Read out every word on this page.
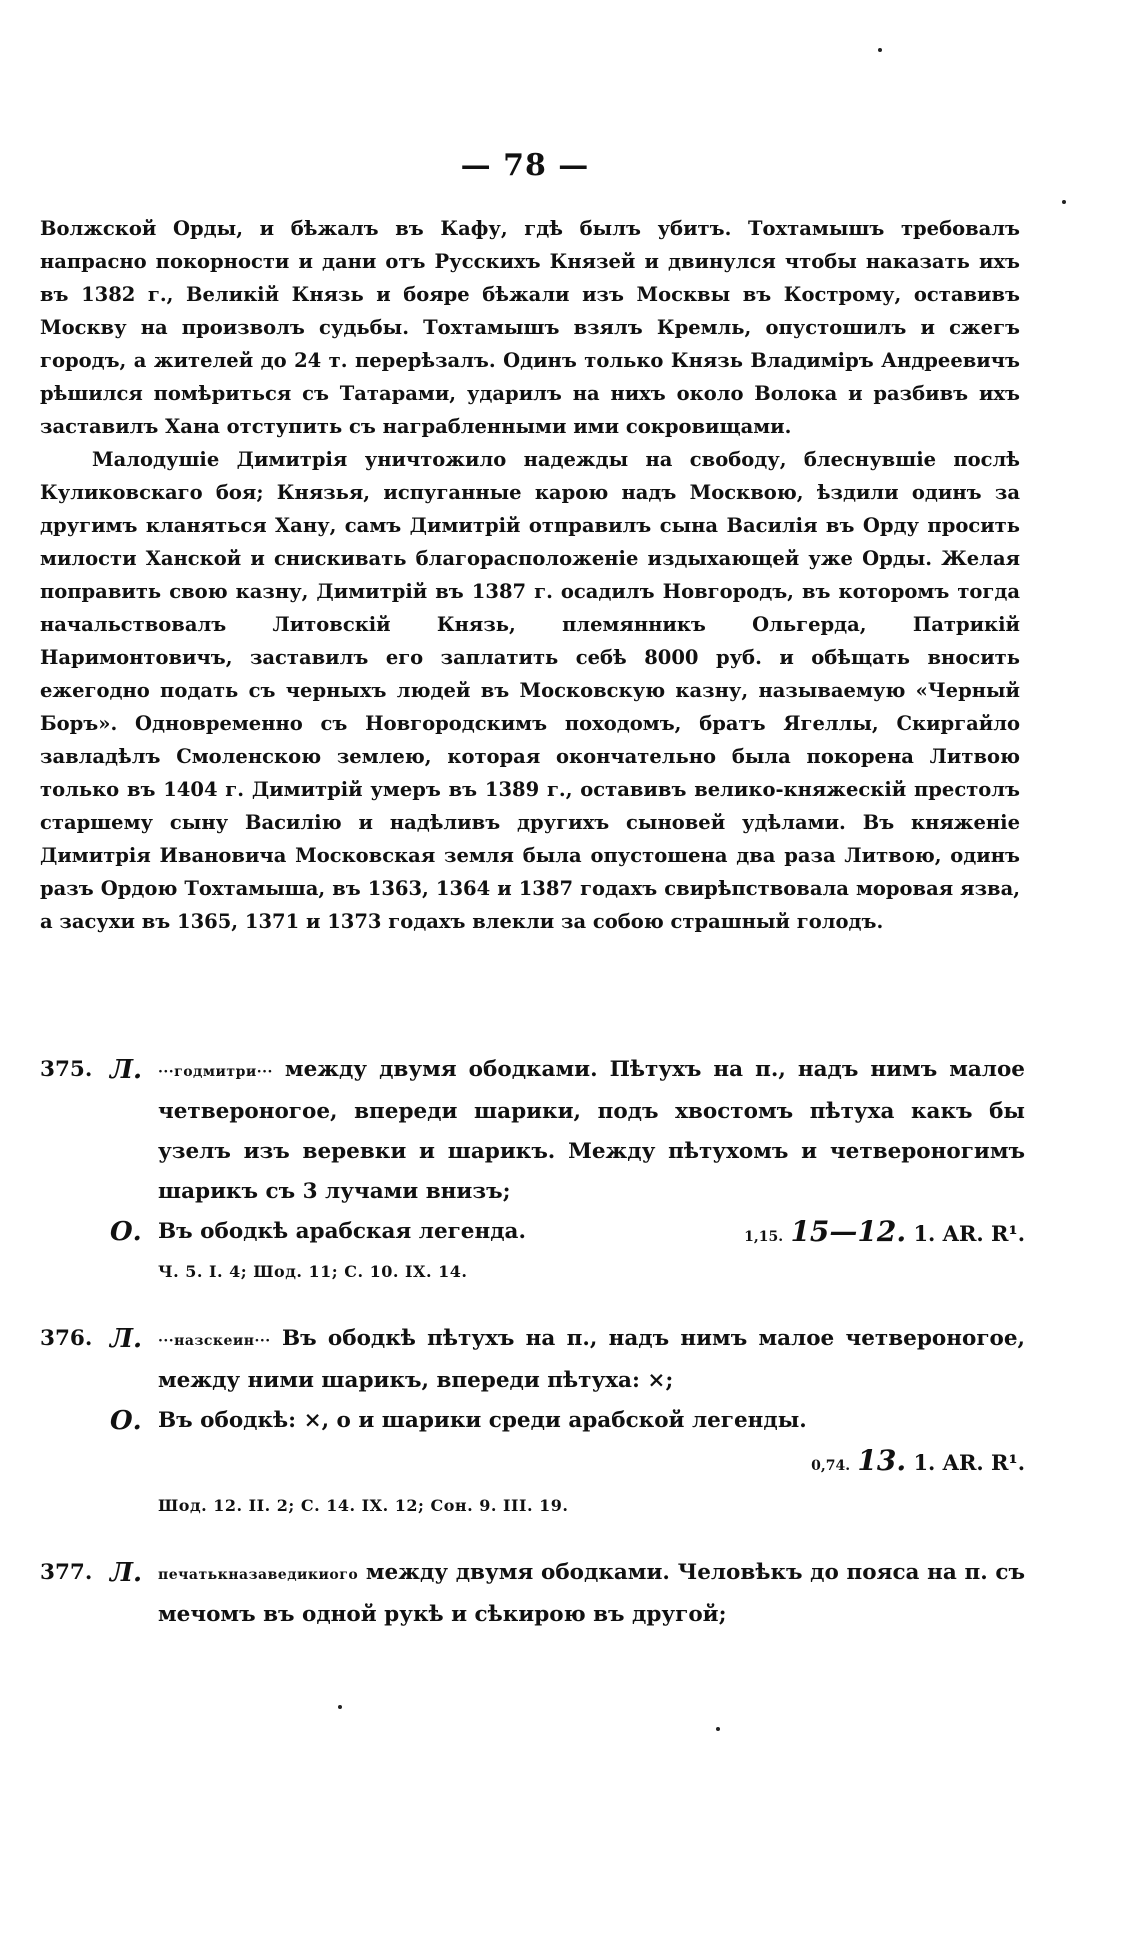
— 78 —

Волжской Орды, и бѣжалъ въ Кафу, гдѣ былъ убитъ. Тохтамышъ требовалъ напрасно покорности и дани отъ Русскихъ Князей и двинулся чтобы наказать ихъ въ 1382 г., Великій Князь и бояре бѣжали изъ Москвы въ Кострому, оставивъ Москву на произволъ судьбы. Тохтамышъ взялъ Кремль, опустошилъ и сжегъ городъ, а жителей до 24 т. перерѣзалъ. Одинъ только Князь Владиміръ Андреевичъ рѣшился помѣриться съ Татарами, ударилъ на нихъ около Волока и разбивъ ихъ заставилъ Хана отступить съ награбленными ими сокровищами.

Малодушіе Димитрія уничтожило надежды на свободу, блеснувшіе послѣ Куликовскаго боя; Князья, испуганные карою надъ Москвою, ѣздили одинъ за другимъ кланяться Хану, самъ Димитрій отправилъ сына Василія въ Орду просить милости Ханской и снискивать благорасположеніе издыхающей уже Орды. Желая поправить свою казну, Димитрій въ 1387 г. осадилъ Новгородъ, въ которомъ тогда начальствовалъ Литовскій Князь, племянникъ Ольгерда, Патрикій Наримонтовичъ, заставилъ его заплатить себѣ 8000 руб. и обѣщать вносить ежегодно подать съ черныхъ людей въ Московскую казну, называемую «Черный Боръ». Одновременно съ Новгородскимъ походомъ, братъ Ягеллы, Скиргайло завладѣлъ Смоленскою землею, которая окончательно была покорена Литвою только въ 1404 г. Димитрій умеръ въ 1389 г., оставивъ велико-княжескій престолъ старшему сыну Василію и надѣливъ другихъ сыновей удѣлами. Въ княженіе Димитрія Ивановича Московская земля была опустошена два раза Литвою, одинъ разъ Ордою Тохтамыша, въ 1363, 1364 и 1387 годахъ свирѣпствовала моровая язва, а засухи въ 1365, 1371 и 1373 годахъ влекли за собою страшный голодъ.

375. Л. ···годмитри··· между двумя ободками. Пѣтухъ на п., надъ нимъ малое четвероногое, впереди шарики, подъ хвостомъ пѣтуха какъ бы узелъ изъ веревки и шарикъ. Между пѣтухомъ и четвероногимъ шарикъ съ 3 лучами внизъ;
О. Въ ободкѣ арабская легенда.	1,15. 15—12. 1. AR. R¹.
Ч. 5. I. 4; Шод. 11; С. 10. IX. 14.
376. Л. ···назскеин··· Въ ободкѣ пѣтухъ на п., надъ нимъ малое четвероногое, между ними шарикъ, впереди пѣтуха: ×;
О. Въ ободкѣ: ×, о и шарики среди арабской легенды.
0,74. 13. 1. AR. R¹.
Шод. 12. II. 2; С. 14. IX. 12; Сон. 9. III. 19.
377. Л. печатькназаведикиого между двумя ободками. Человѣкъ до пояса на п. съ мечомъ въ одной рукѣ и сѣкирою въ другой;
